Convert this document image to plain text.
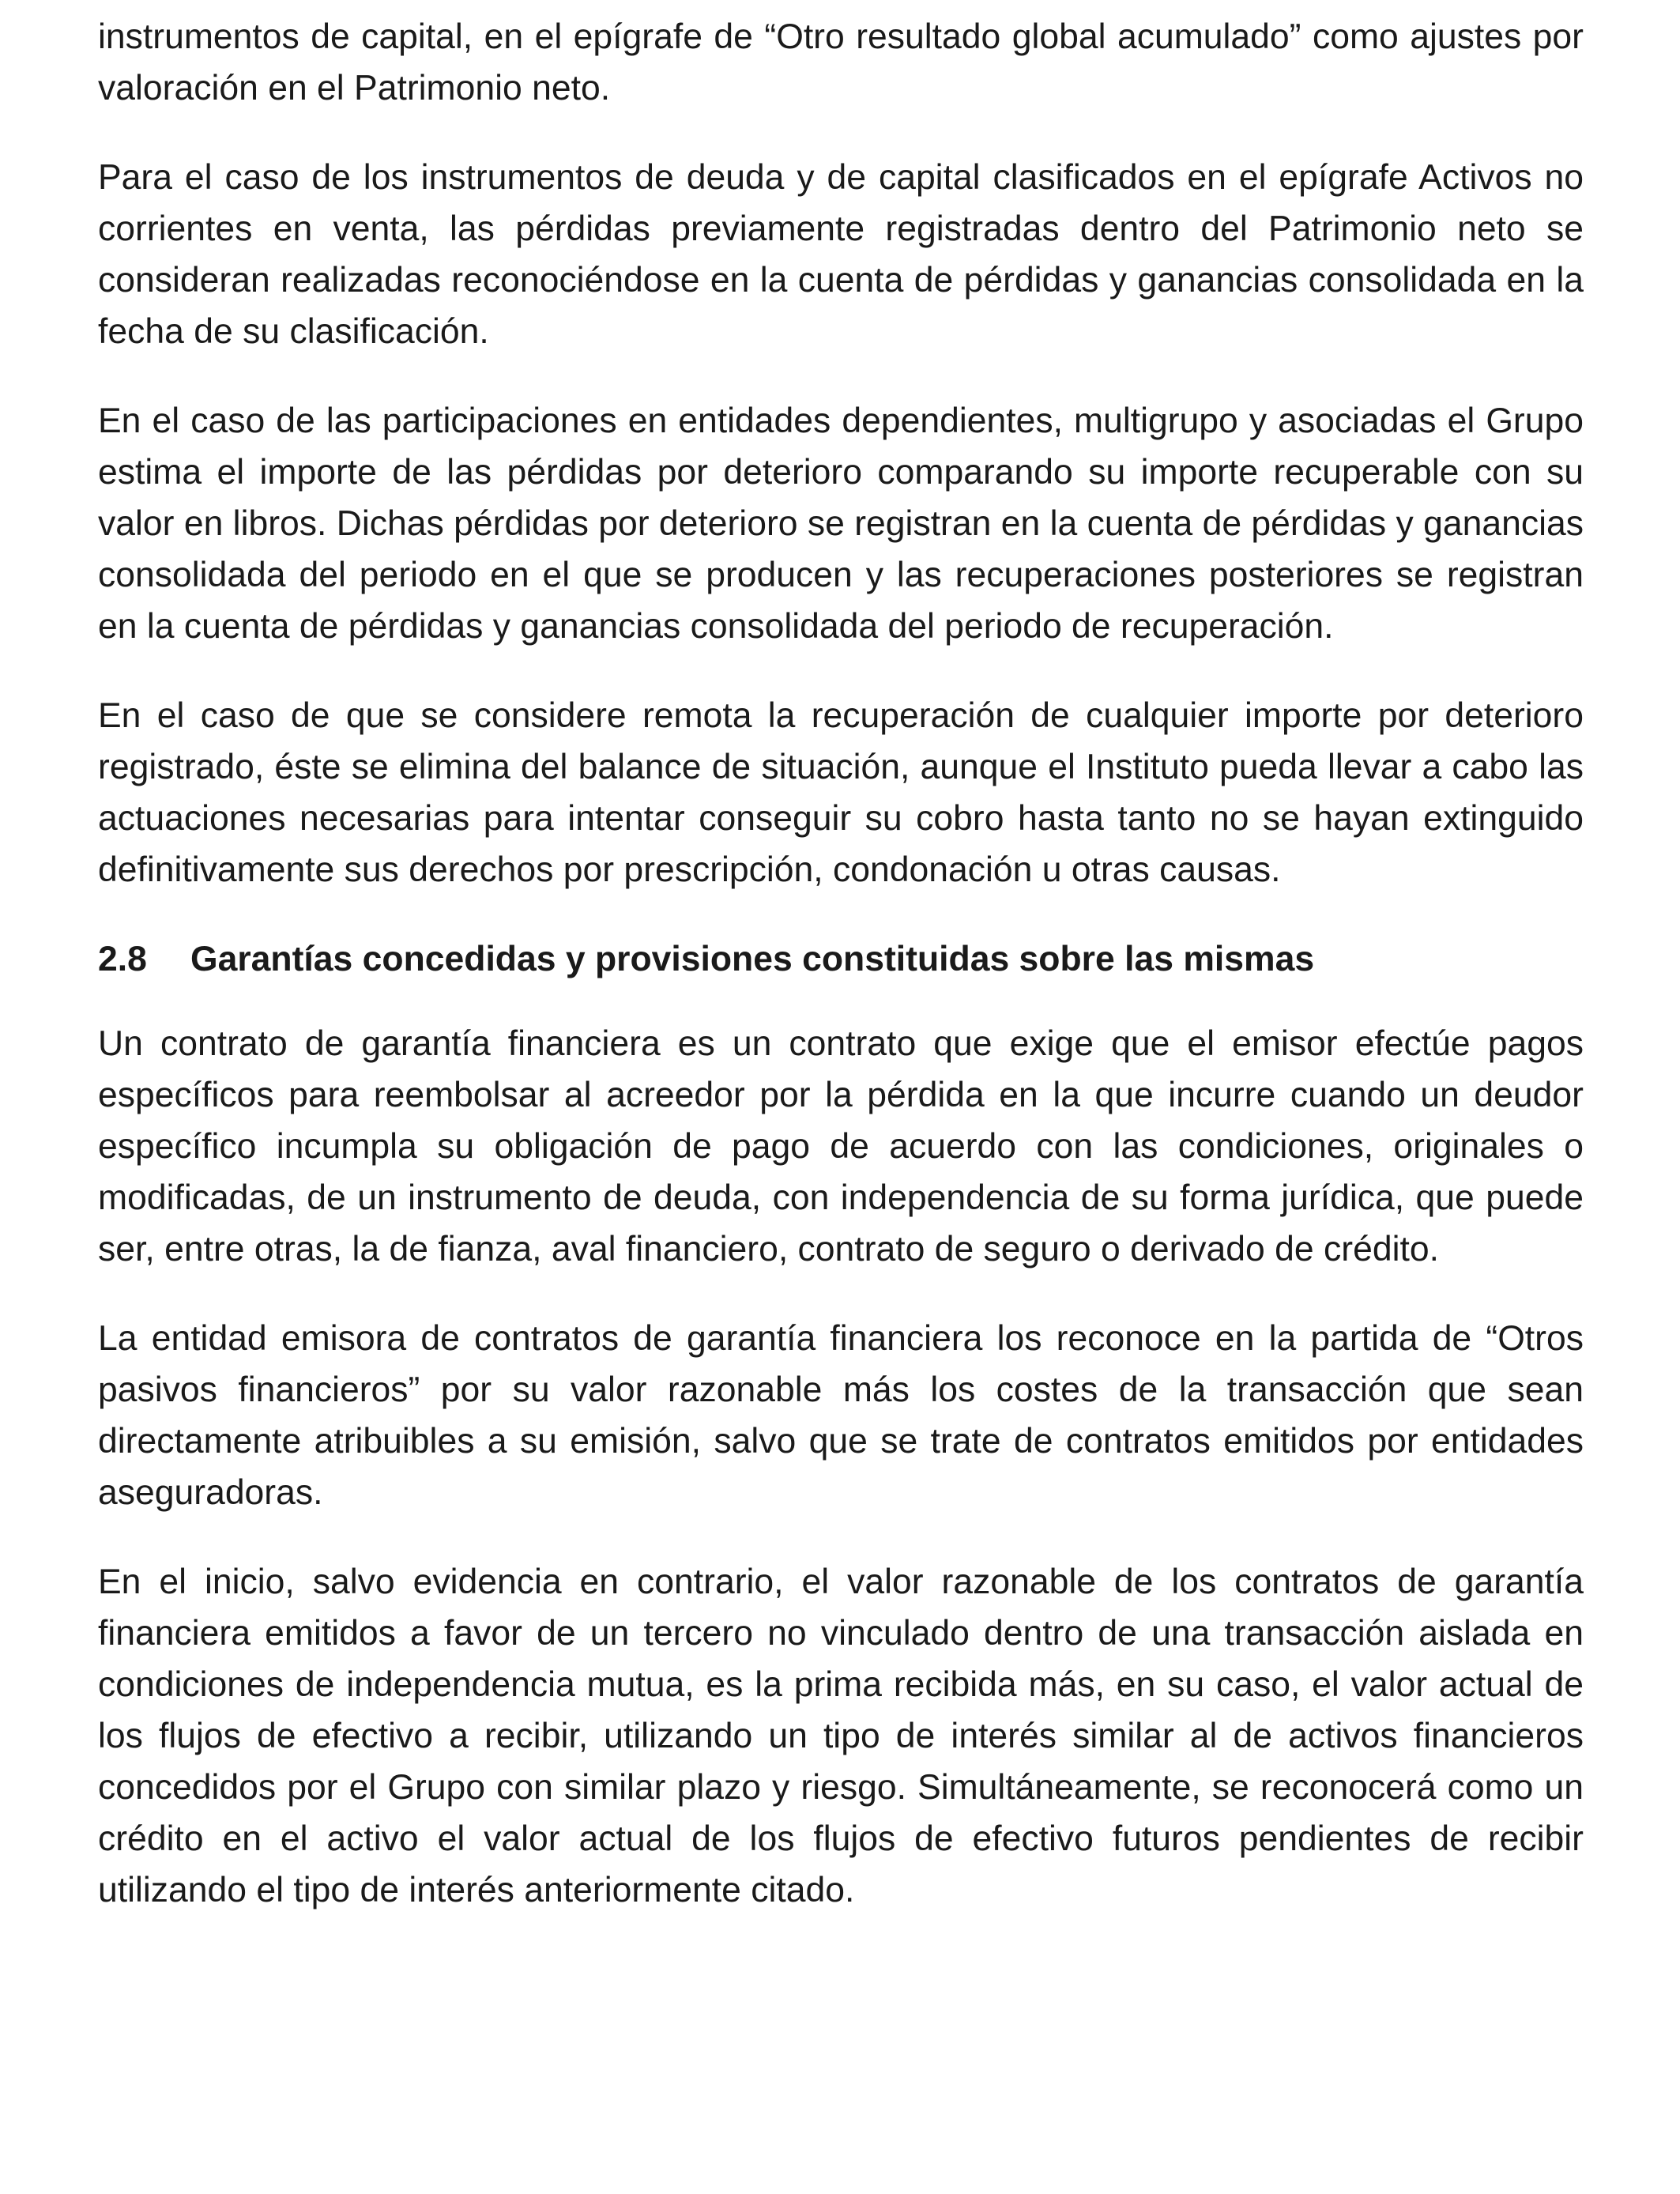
instrumentos de capital, en el epígrafe de “Otro resultado global acumulado” como ajustes por valoración en el Patrimonio neto.

Para el caso de los instrumentos de deuda y de capital clasificados en el epígrafe Activos no corrientes en venta, las pérdidas previamente registradas dentro del Patrimonio neto se consideran realizadas reconociéndose en la cuenta de pérdidas y ganancias consolidada en la fecha de su clasificación.

En el caso de las participaciones en entidades dependientes, multigrupo y asociadas el Grupo estima el importe de las pérdidas por deterioro comparando su importe recuperable con su valor en libros. Dichas pérdidas por deterioro se registran en la cuenta de pérdidas y ganancias consolidada del periodo en el que se producen y las recuperaciones posteriores se registran en la cuenta de pérdidas y ganancias consolidada del periodo de recuperación.

En el caso de que se considere remota la recuperación de cualquier importe por deterioro registrado, éste se elimina del balance de situación, aunque el Instituto pueda llevar a cabo las actuaciones necesarias para intentar conseguir su cobro hasta tanto no se hayan extinguido definitivamente sus derechos por prescripción, condonación u otras causas.

2.8	Garantías concedidas y provisiones constituidas sobre las mismas

Un contrato de garantía financiera es un contrato que exige que el emisor efectúe pagos específicos para reembolsar al acreedor por la pérdida en la que incurre cuando un deudor específico incumpla su obligación de pago de acuerdo con las condiciones, originales o modificadas, de un instrumento de deuda, con independencia de su forma jurídica, que puede ser, entre otras, la de fianza, aval financiero, contrato de seguro o derivado de crédito.

La entidad emisora de contratos de garantía financiera los reconoce en la partida de “Otros pasivos financieros” por su valor razonable más los costes de la transacción que sean directamente atribuibles a su emisión, salvo que se trate de contratos emitidos por entidades aseguradoras.

En el inicio, salvo evidencia en contrario, el valor razonable de los contratos de garantía financiera emitidos a favor de un tercero no vinculado dentro de una transacción aislada en condiciones de independencia mutua, es la prima recibida más, en su caso, el valor actual de los flujos de efectivo a recibir, utilizando un tipo de interés similar al de activos financieros concedidos por el Grupo con similar plazo y riesgo. Simultáneamente, se reconocerá como un crédito en el activo el valor actual de los flujos de efectivo futuros pendientes de recibir utilizando el tipo de interés anteriormente citado.
